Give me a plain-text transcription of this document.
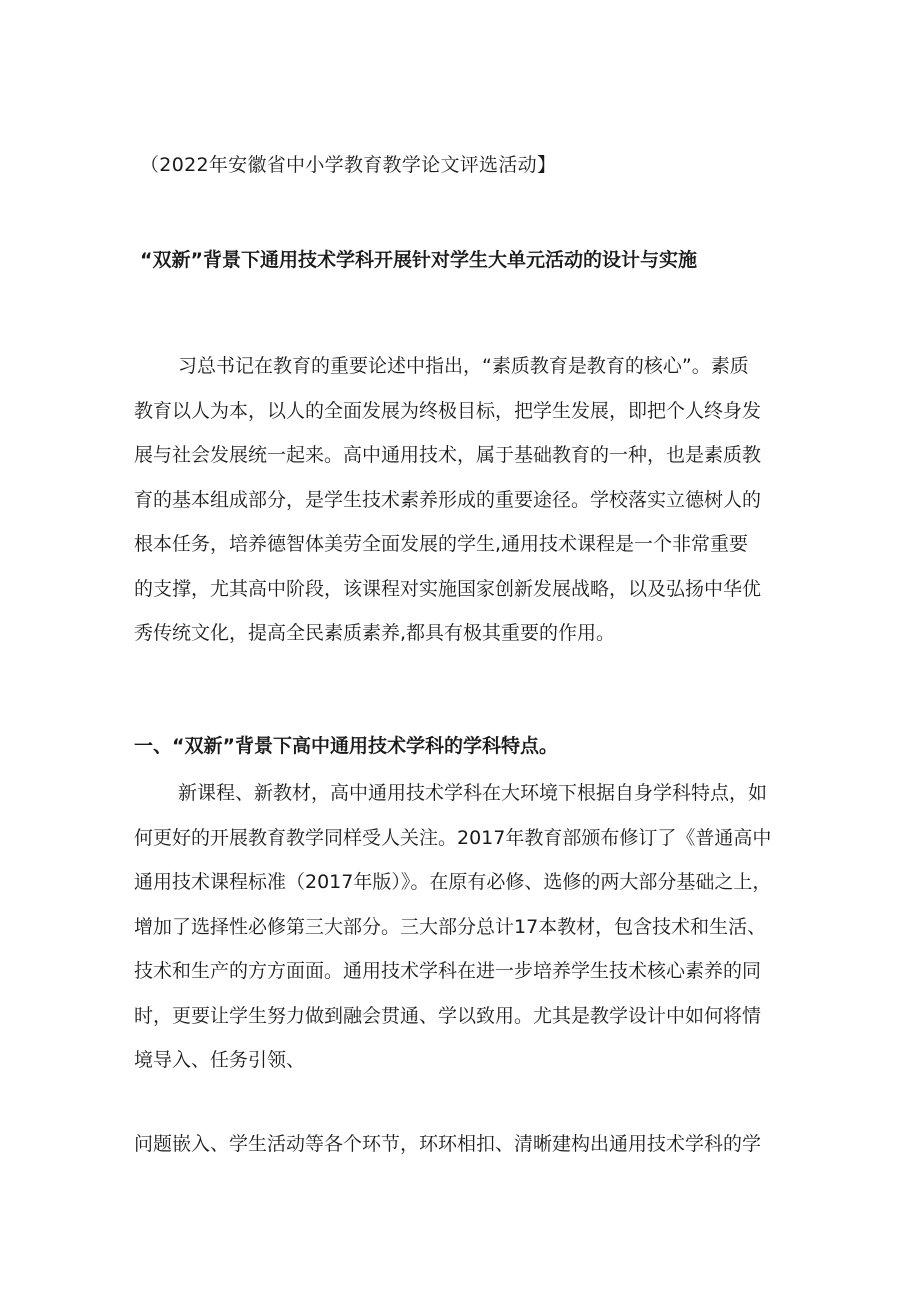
（2022年安徽省中小学教育教学论文评选活动】
“双新”背景下通用技术学科开展针对学生大单元活动的设计与实施
习总书记在教育的重要论述中指出，“素质教育是教育的核心”。素质
教育以人为本，以人的全面发展为终极目标，把学生发展，即把个人终身发
展与社会发展统一起来。高中通用技术，属于基础教育的一种，也是素质教
育的基本组成部分，是学生技术素养形成的重要途径。学校落实立德树人的
根本任务，培养德智体美劳全面发展的学生,通用技术课程是一个非常重要
的支撑，尤其高中阶段，该课程对实施国家创新发展战略，以及弘扬中华优
秀传统文化，提高全民素质素养,都具有极其重要的作用。
一、“双新”背景下高中通用技术学科的学科特点。
新课程、新教材，高中通用技术学科在大环境下根据自身学科特点，如
何更好的开展教育教学同样受人关注。2017年教育部颁布修订了《普通高中
通用技术课程标准（2017年版）》。在原有必修、选修的两大部分基础之上，
增加了选择性必修第三大部分。三大部分总计17本教材，包含技术和生活、
技术和生产的方方面面。通用技术学科在进一步培养学生技术核心素养的同
时，更要让学生努力做到融会贯通、学以致用。尤其是教学设计中如何将情
境导入、任务引领、
问题嵌入、学生活动等各个环节，环环相扣、清晰建构出通用技术学科的学
